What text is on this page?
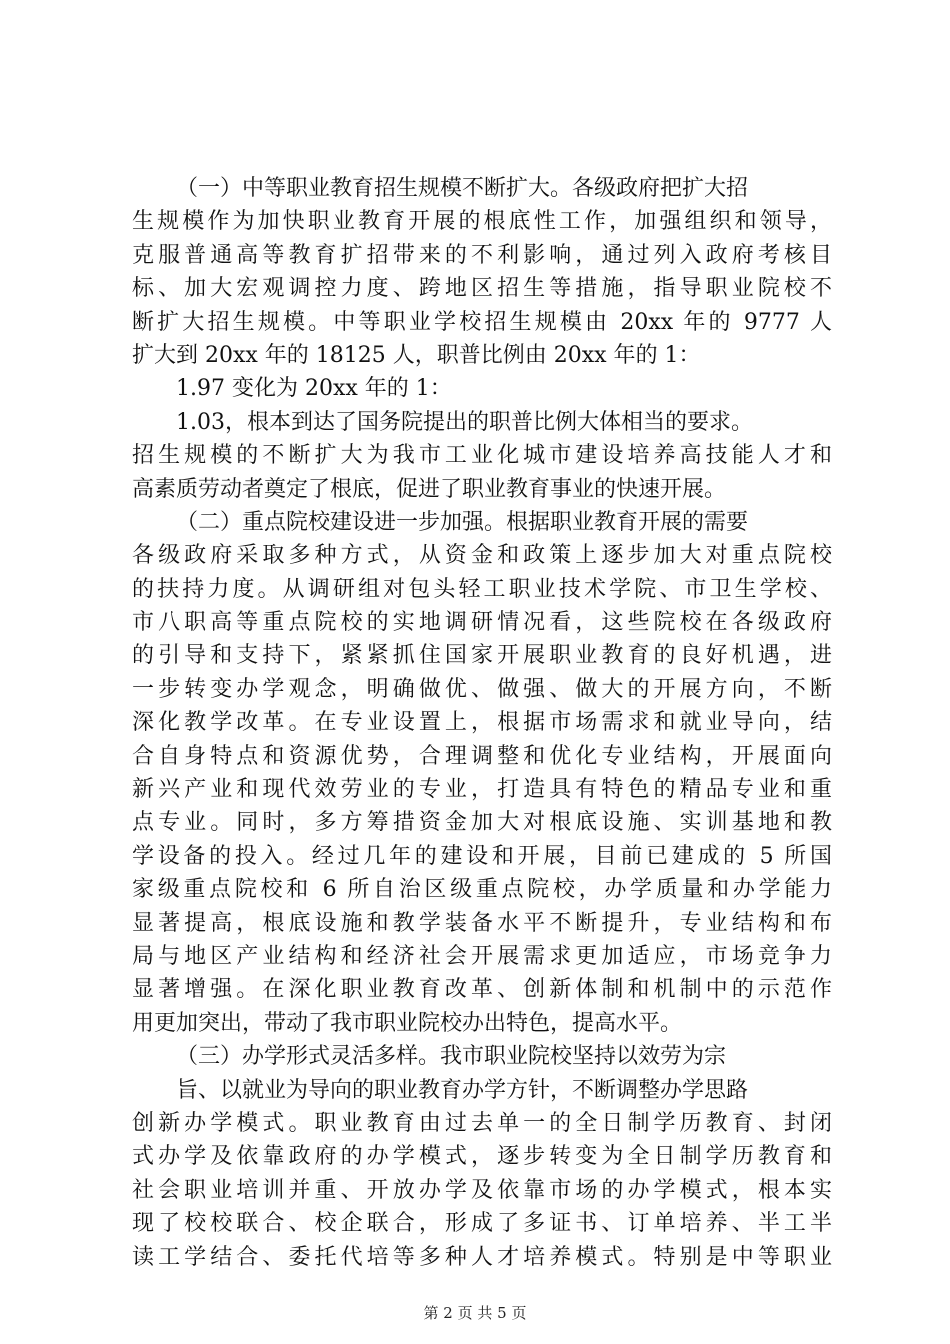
（一）中等职业教育招生规模不断扩大。各级政府把扩大招
生规模作为加快职业教育开展的根底性工作，加强组织和领导，
克服普通高等教育扩招带来的不利影响，通过列入政府考核目
标、加大宏观调控力度、跨地区招生等措施，指导职业院校不
断扩大招生规模。中等职业学校招生规模由 20xx 年的 9777 人
扩大到 20xx 年的 18125 人，职普比例由 20xx 年的 1：
1.97 变化为 20xx 年的 1：
1.03，根本到达了国务院提出的职普比例大体相当的要求。
招生规模的不断扩大为我市工业化城市建设培养高技能人才和
高素质劳动者奠定了根底，促进了职业教育事业的快速开展。
（二）重点院校建设进一步加强。根据职业教育开展的需要
各级政府采取多种方式，从资金和政策上逐步加大对重点院校
的扶持力度。从调研组对包头轻工职业技术学院、市卫生学校、
市八职高等重点院校的实地调研情况看，这些院校在各级政府
的引导和支持下，紧紧抓住国家开展职业教育的良好机遇，进
一步转变办学观念，明确做优、做强、做大的开展方向，不断
深化教学改革。在专业设置上，根据市场需求和就业导向，结
合自身特点和资源优势，合理调整和优化专业结构，开展面向
新兴产业和现代效劳业的专业，打造具有特色的精品专业和重
点专业。同时，多方筹措资金加大对根底设施、实训基地和教
学设备的投入。经过几年的建设和开展，目前已建成的 5 所国
家级重点院校和 6 所自治区级重点院校，办学质量和办学能力
显著提高，根底设施和教学装备水平不断提升，专业结构和布
局与地区产业结构和经济社会开展需求更加适应，市场竞争力
显著增强。在深化职业教育改革、创新体制和机制中的示范作
用更加突出，带动了我市职业院校办出特色，提高水平。
（三）办学形式灵活多样。我市职业院校坚持以效劳为宗
旨、以就业为导向的职业教育办学方针，不断调整办学思路
创新办学模式。职业教育由过去单一的全日制学历教育、封闭
式办学及依靠政府的办学模式，逐步转变为全日制学历教育和
社会职业培训并重、开放办学及依靠市场的办学模式，根本实
现了校校联合、校企联合，形成了多证书、订单培养、半工半
读工学结合、委托代培等多种人才培养模式。特别是中等职业
第 2 页 共 5 页
